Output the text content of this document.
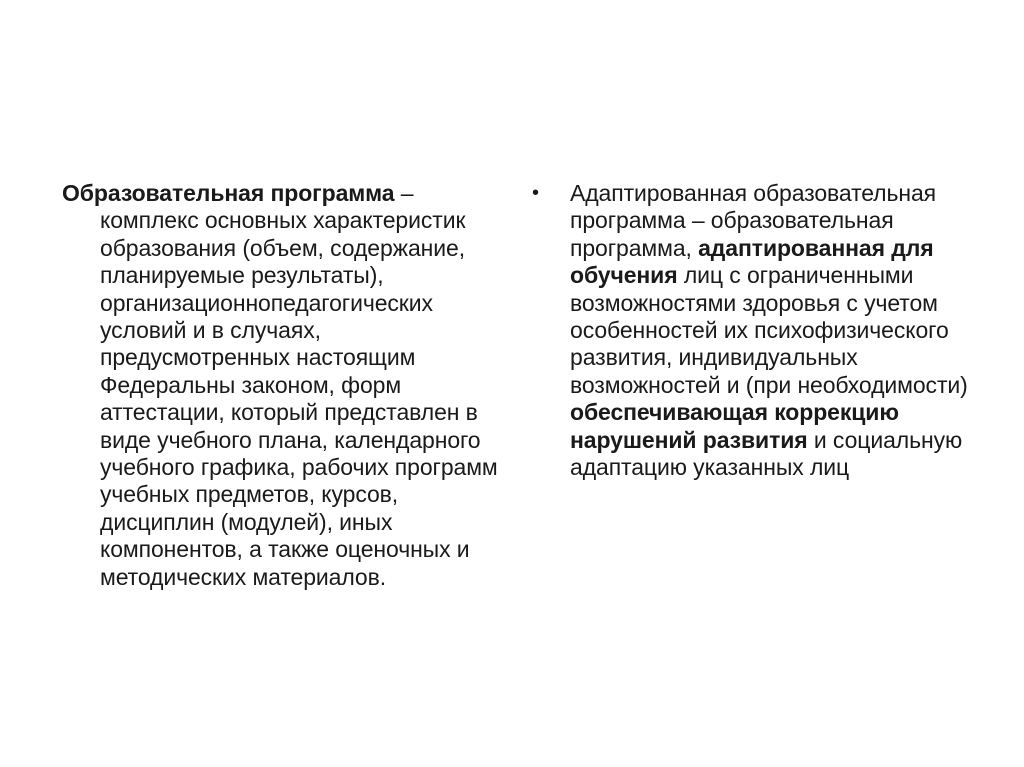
Образовательная программа – комплекс основных характеристик образования (объем, содержание, планируемые результаты), организационнопедагогических условий и в случаях, предусмотренных настоящим Федеральны законом, форм аттестации, который представлен в виде учебного плана, календарного учебного графика, рабочих программ учебных предметов, курсов, дисциплин (модулей), иных компонентов, а также оценочных и методических материалов.

• Адаптированная образовательная программа – образовательная программа, адаптированная для обучения лиц с ограниченными возможностями здоровья с учетом особенностей их психофизического развития, индивидуальных возможностей и (при необходимости) обеспечивающая коррекцию нарушений развития и социальную адаптацию указанных лиц
